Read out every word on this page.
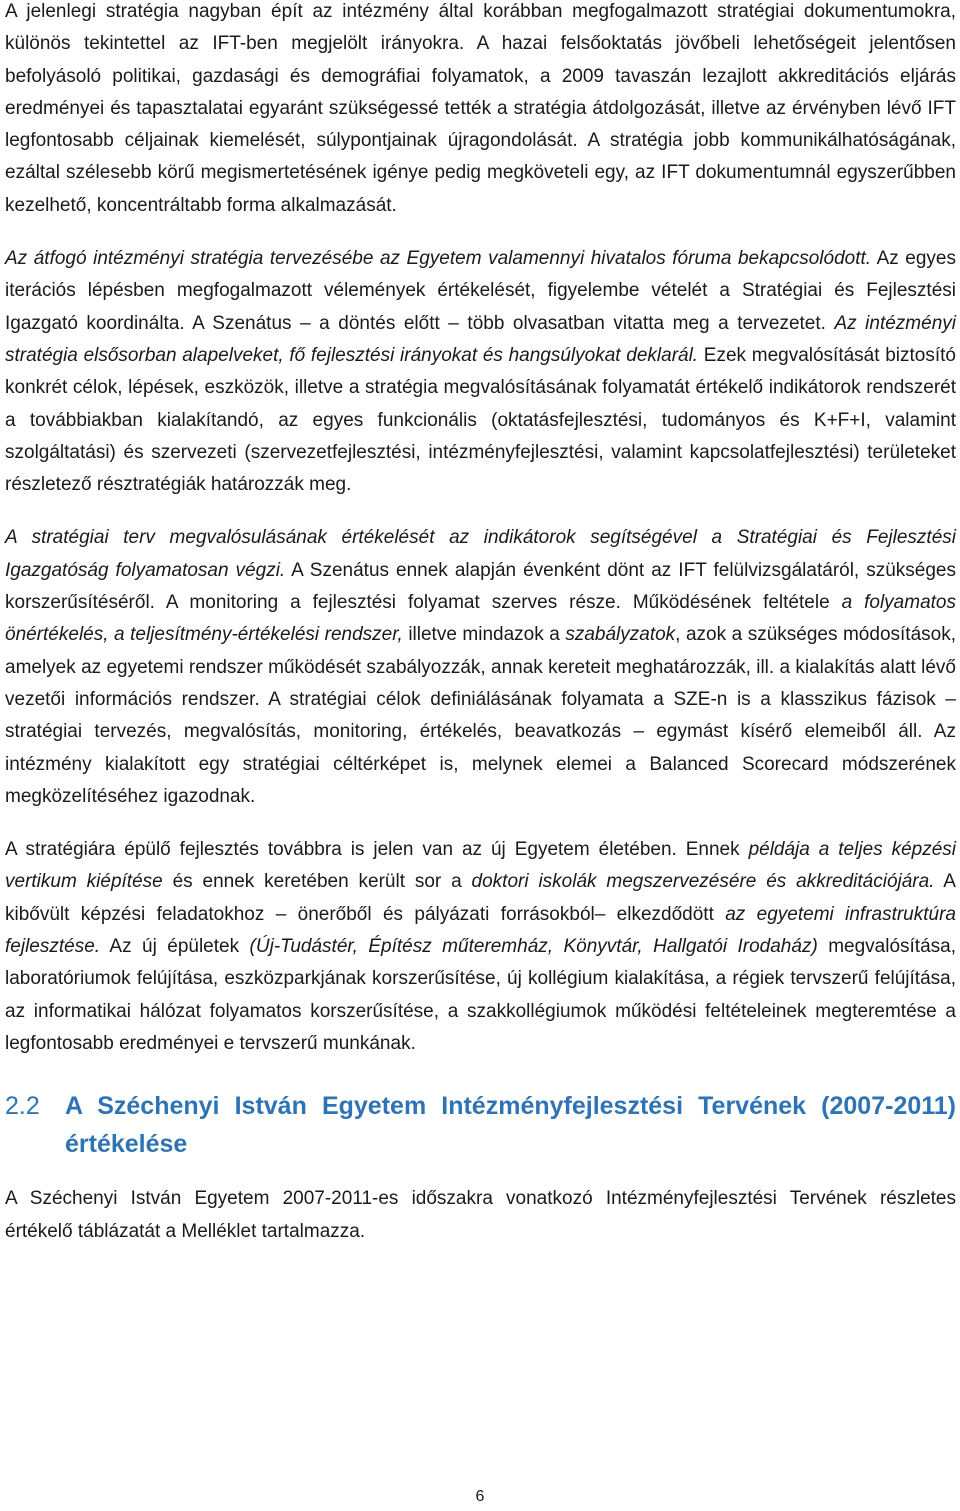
A jelenlegi stratégia nagyban épít az intézmény által korábban megfogalmazott stratégiai dokumentumokra, különös tekintettel az IFT-ben megjelölt irányokra. A hazai felsőoktatás jövőbeli lehetőségeit jelentősen befolyásoló politikai, gazdasági és demográfiai folyamatok, a 2009 tavaszán lezajlott akkreditációs eljárás eredményei és tapasztalatai egyaránt szükségessé tették a stratégia átdolgozását, illetve az érvényben lévő IFT legfontosabb céljainak kiemelését, súlypontjainak újragondolását. A stratégia jobb kommunikálhatóságának, ezáltal szélesebb körű megismertetésének igénye pedig megköveteli egy, az IFT dokumentumnál egyszerűbben kezelhető, koncentráltabb forma alkalmazását.

Az átfogó intézményi stratégia tervezésébe az Egyetem valamennyi hivatalos fóruma bekapcsolódott. Az egyes iterációs lépésben megfogalmazott vélemények értékelését, figyelembe vételét a Stratégiai és Fejlesztési Igazgató koordinálta. A Szenátus – a döntés előtt – több olvasatban vitatta meg a tervezetet. Az intézményi stratégia elsősorban alapelveket, fő fejlesztési irányokat és hangsúlyokat deklarál. Ezek megvalósítását biztosító konkrét célok, lépések, eszközök, illetve a stratégia megvalósításának folyamatát értékelő indikátorok rendszerét a továbbiakban kialakítandó, az egyes funkcionális (oktatásfejlesztési, tudományos és K+F+I, valamint szolgáltatási) és szervezeti (szervezetfejlesztési, intézményfejlesztési, valamint kapcsolatfejlesztési) területeket részletező résztratégiák határozzák meg.

A stratégiai terv megvalósulásának értékelését az indikátorok segítségével a Stratégiai és Fejlesztési Igazgatóság folyamatosan végzi. A Szenátus ennek alapján évenként dönt az IFT felülvizsgálatáról, szükséges korszerűsítéséről. A monitoring a fejlesztési folyamat szerves része. Működésének feltétele a folyamatos önértékelés, a teljesítmény-értékelési rendszer, illetve mindazok a szabályzatok, azok a szükséges módosítások, amelyek az egyetemi rendszer működését szabályozzák, annak kereteit meghatározzák, ill. a kialakítás alatt lévő vezetői információs rendszer. A stratégiai célok definiálásának folyamata a SZE-n is a klasszikus fázisok – stratégiai tervezés, megvalósítás, monitoring, értékelés, beavatkozás – egymást kísérő elemeiből áll. Az intézmény kialakított egy stratégiai céltérképet is, melynek elemei a Balanced Scorecard módszerének megközelítéséhez igazodnak.

A stratégiára épülő fejlesztés továbbra is jelen van az új Egyetem életében. Ennek példája a teljes képzési vertikum kiépítése és ennek keretében került sor a doktori iskolák megszervezésére és akkreditációjára. A kibővült képzési feladatokhoz – önerőből és pályázati forrásokból– elkezdődött az egyetemi infrastruktúra fejlesztése. Az új épületek (Új-Tudástér, Építész műteremház, Könyvtár, Hallgatói Irodaház) megvalósítása, laboratóriumok felújítása, eszközparkjának korszerűsítése, új kollégium kialakítása, a régiek tervszerű felújítása, az informatikai hálózat folyamatos korszerűsítése, a szakkollégiumok működési feltételeinek megteremtése a legfontosabb eredményei e tervszerű munkának.

2.2	A Széchenyi István Egyetem Intézményfejlesztési Tervének (2007-2011) értékelése

A Széchenyi István Egyetem 2007-2011-es időszakra vonatkozó Intézményfejlesztési Tervének részletes értékelő táblázatát a Melléklet tartalmazza.

6
